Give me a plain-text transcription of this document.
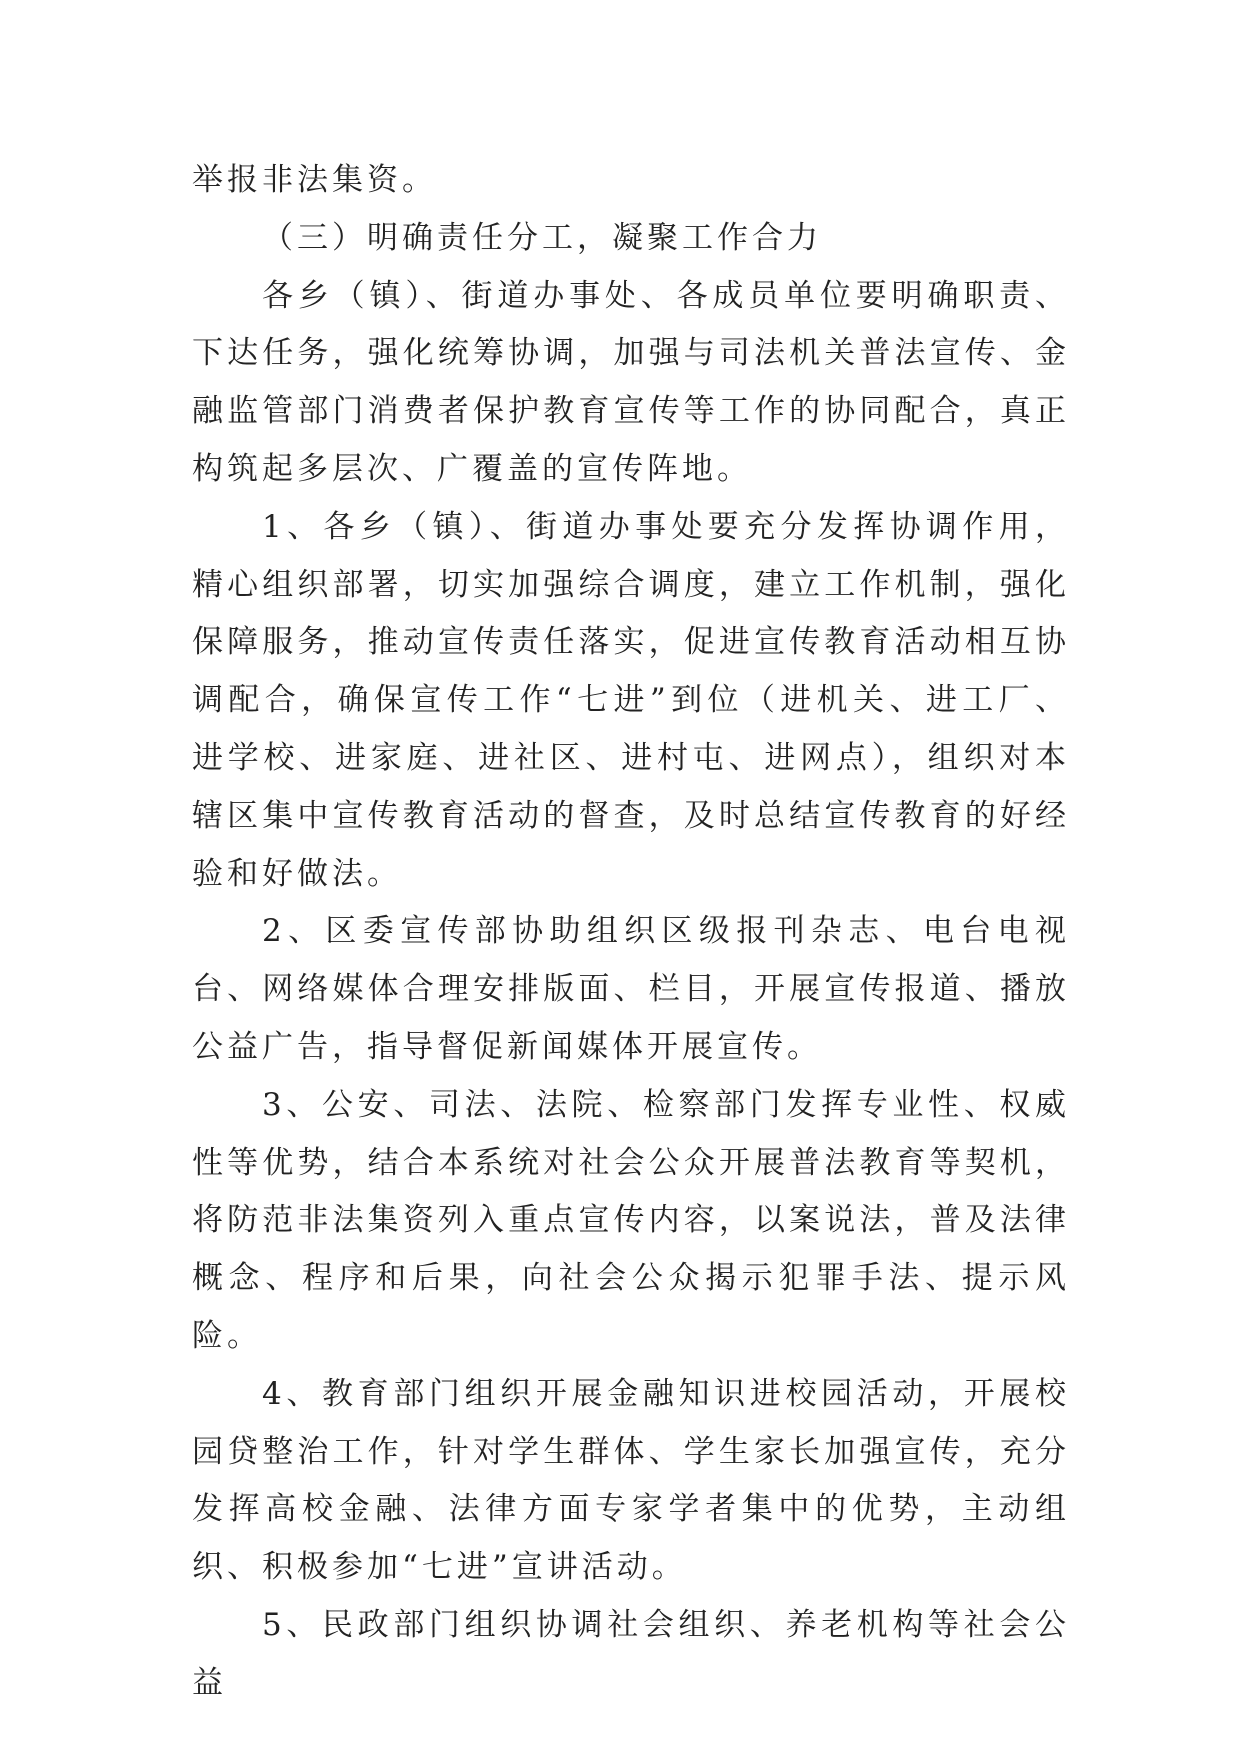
举报非法集资。

（三）明确责任分工，凝聚工作合力

各乡（镇）、街道办事处、各成员单位要明确职责、下达任务，强化统筹协调，加强与司法机关普法宣传、金融监管部门消费者保护教育宣传等工作的协同配合，真正构筑起多层次、广覆盖的宣传阵地。

1、各乡（镇）、街道办事处要充分发挥协调作用，精心组织部署，切实加强综合调度，建立工作机制，强化保障服务，推动宣传责任落实，促进宣传教育活动相互协调配合，确保宣传工作“七进”到位（进机关、进工厂、进学校、进家庭、进社区、进村屯、进网点），组织对本辖区集中宣传教育活动的督查，及时总结宣传教育的好经验和好做法。

2、区委宣传部协助组织区级报刊杂志、电台电视台、网络媒体合理安排版面、栏目，开展宣传报道、播放公益广告，指导督促新闻媒体开展宣传。

3、公安、司法、法院、检察部门发挥专业性、权威性等优势，结合本系统对社会公众开展普法教育等契机，将防范非法集资列入重点宣传内容，以案说法，普及法律概念、程序和后果，向社会公众揭示犯罪手法、提示风险。

4、教育部门组织开展金融知识进校园活动，开展校园贷整治工作，针对学生群体、学生家长加强宣传，充分发挥高校金融、法律方面专家学者集中的优势，主动组织、积极参加“七进”宣讲活动。

5、民政部门组织协调社会组织、养老机构等社会公益
